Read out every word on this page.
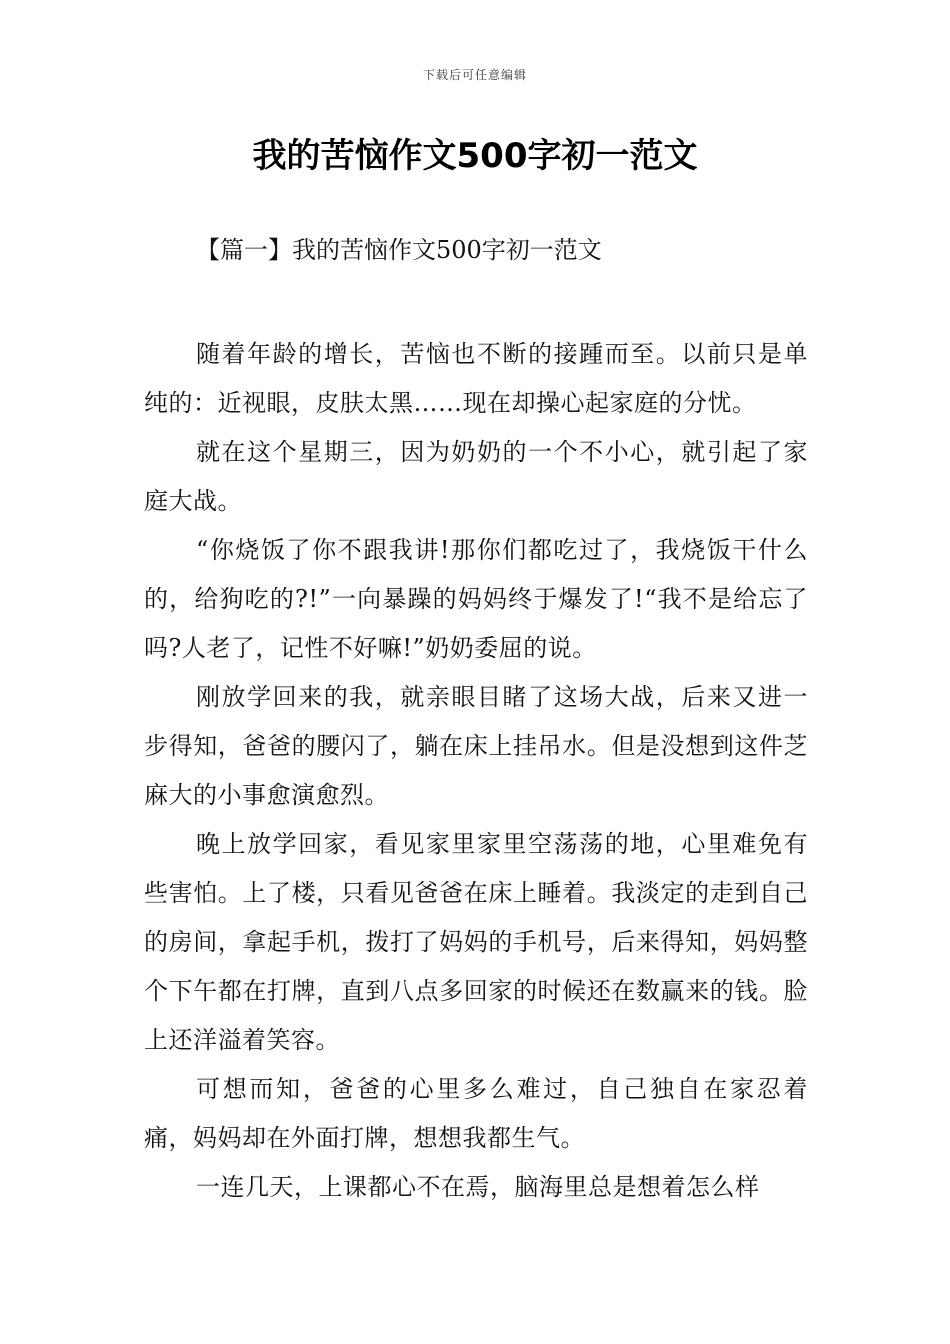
下载后可任意编辑
我的苦恼作文500字初一范文
【篇一】我的苦恼作文500字初一范文

随着年龄的增长，苦恼也不断的接踵而至。以前只是单纯的：近视眼，皮肤太黑……现在却操心起家庭的分忧。

就在这个星期三，因为奶奶的一个不小心，就引起了家庭大战。

“你烧饭了你不跟我讲!那你们都吃过了，我烧饭干什么的，给狗吃的?!”一向暴躁的妈妈终于爆发了!“我不是给忘了吗?人老了，记性不好嘛!”奶奶委屈的说。

刚放学回来的我，就亲眼目睹了这场大战，后来又进一步得知，爸爸的腰闪了，躺在床上挂吊水。但是没想到这件芝麻大的小事愈演愈烈。

晚上放学回家，看见家里家里空荡荡的地，心里难免有些害怕。上了楼，只看见爸爸在床上睡着。我淡定的走到自己的房间，拿起手机，拨打了妈妈的手机号，后来得知，妈妈整个下午都在打牌，直到八点多回家的时候还在数赢来的钱。脸上还洋溢着笑容。

可想而知，爸爸的心里多么难过，自己独自在家忍着痛，妈妈却在外面打牌，想想我都生气。

一连几天，上课都心不在焉，脑海里总是想着怎么样
